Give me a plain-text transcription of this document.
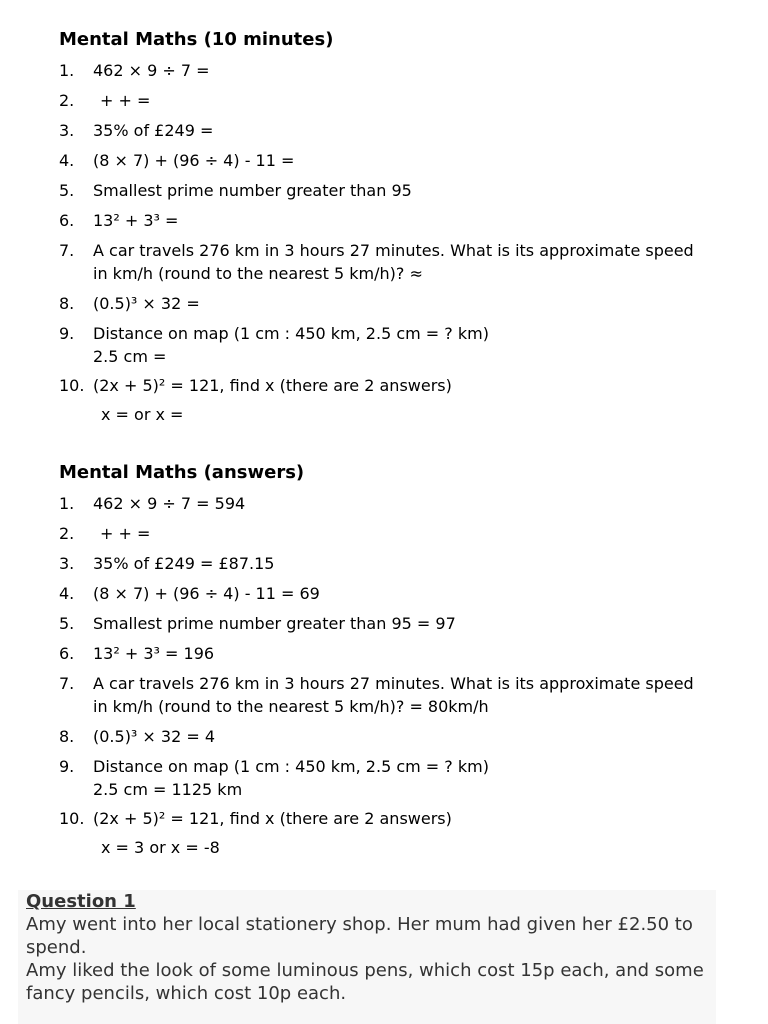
Mental Maths (10 minutes)
1. 462 × 9 ÷ 7 =
2.	+ + =
3. 35% of £249 =
4. (8 × 7) + (96 ÷ 4) - 11 =
5. Smallest prime number greater than 95
6. 13² + 3³ =
7. A car travels 276 km in 3 hours 27 minutes. What is its approximate speed
in km/h (round to the nearest 5 km/h)? ≈
8. (0.5)³ × 32 =
9. Distance on map (1 cm : 450 km, 2.5 cm = ? km)
2.5 cm =
10. (2x + 5)² = 121, find x (there are 2 answers)
x = or x =
Mental Maths (answers)
1. 462 × 9 ÷ 7 = 594
2.	+ + =
3. 35% of £249 = £87.15
4. (8 × 7) + (96 ÷ 4) - 11 = 69
5. Smallest prime number greater than 95 = 97
6. 13² + 3³ = 196
7. A car travels 276 km in 3 hours 27 minutes. What is its approximate speed
in km/h (round to the nearest 5 km/h)? = 80km/h
8. (0.5)³ × 32 = 4
9. Distance on map (1 cm : 450 km, 2.5 cm = ? km)
2.5 cm = 1125 km
10. (2x + 5)² = 121, find x (there are 2 answers)
x = 3 or x = -8
Question 1

Amy went into her local stationery shop. Her mum had given her £2.50 to spend.

Amy liked the look of some luminous pens, which cost 15p each, and some fancy pencils, which cost 10p each.
